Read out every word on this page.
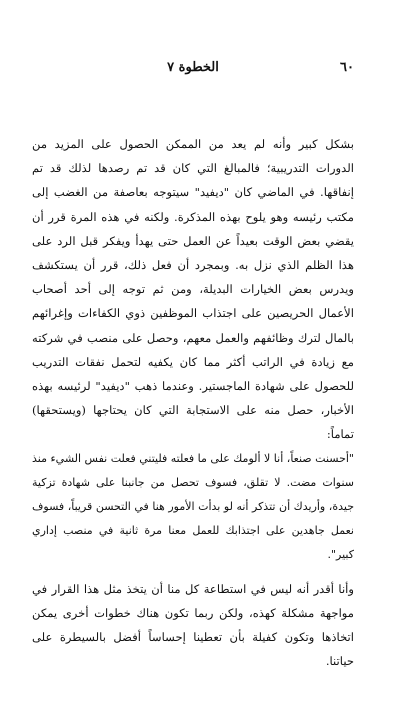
٦٠
الخطوة ٧

بشكل كبير وأنه لم يعد من الممكن الحصول على المزيد من الدورات التدريبية؛ فالمبالغ التي كان قد تم رصدها لذلك قد تم إنفاقها. في الماضي كان "ديفيد" سيتوجه بعاصفة من الغضب إلى مكتب رئيسه وهو يلوح بهذه المذكرة. ولكنه في هذه المرة قرر أن يقضي بعض الوقت بعيداً عن العمل حتى يهدأ ويفكر قبل الرد على هذا الظلم الذي نزل به. وبمجرد أن فعل ذلك، قرر أن يستكشف ويدرس بعض الخيارات البديلة، ومن ثم توجه إلى أحد أصحاب الأعمال الحريصين على اجتذاب الموظفين ذوي الكفاءات وإغرائهم بالمال لترك وظائفهم والعمل معهم، وحصل على منصب في شركته مع زيادة في الراتب أكثر مما كان يكفيه لتحمل نفقات التدريب للحصول على شهادة الماجستير. وعندما ذهب "ديفيد" لرئيسه بهذه الأخبار، حصل منه على الاستجابة التي كان يحتاجها (ويستحقها) تماماً:

"أحسنت صنعاً، أنا لا ألومك على ما فعلته فليتني فعلت نفس الشيء منذ سنوات مضت. لا تقلق، فسوف تحصل من جانبنا على شهادة تزكية جيدة، وأريدك أن تتذكر أنه لو بدأت الأمور هنا في التحسن قريباً، فسوف نعمل جاهدين على اجتذابك للعمل معنا مرة ثانية في منصب إداري كبير".

وأنا أقدر أنه ليس في استطاعة كل منا أن يتخذ مثل هذا القرار في مواجهة مشكلة كهذه، ولكن ربما تكون هناك خطوات أخرى يمكن اتخاذها وتكون كفيلة بأن تعطينا إحساساً أفضل بالسيطرة على حياتنا.
